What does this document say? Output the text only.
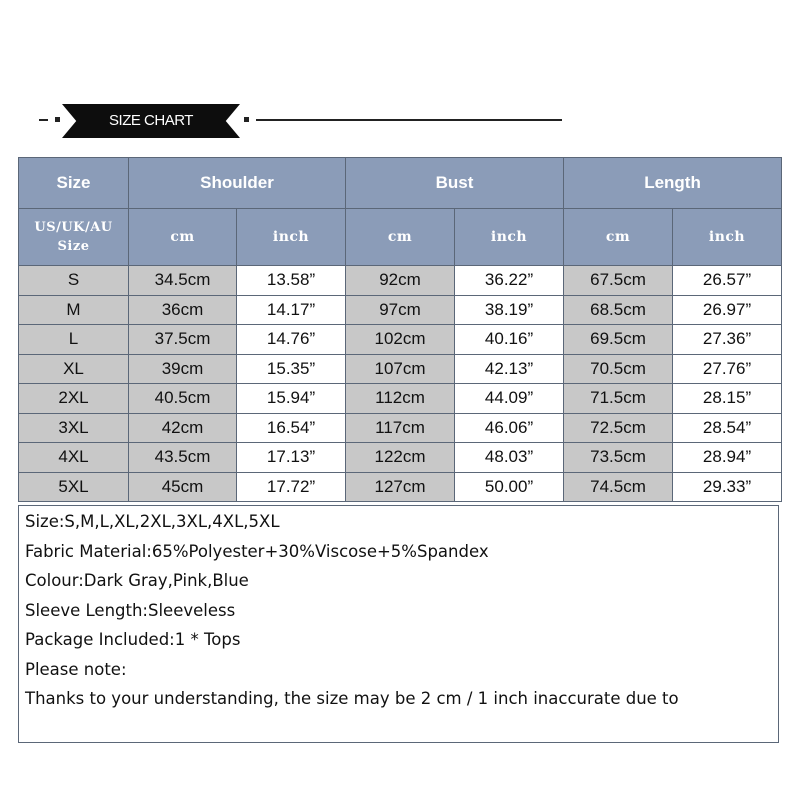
SIZE CHART
Size	Shoulder		Bust		Length	

US/UK/AU
Size	cm	inch	cm	inch	cm	inch
S	34.5cm	13.58”	92cm	36.22”	67.5cm	26.57”
M	36cm	14.17”	97cm	38.19”	68.5cm	26.97”
L	37.5cm	14.76”	102cm	40.16”	69.5cm	27.36”
XL	39cm	15.35”	107cm	42.13”	70.5cm	27.76”
2XL	40.5cm	15.94”	112cm	44.09”	71.5cm	28.15”
3XL	42cm	16.54”	117cm	46.06”	72.5cm	28.54”
4XL	43.5cm	17.13”	122cm	48.03”	73.5cm	28.94”
5XL	45cm	17.72”	127cm	50.00”	74.5cm	29.33”
Size:S,M,L,XL,2XL,3XL,4XL,5XL
Fabric Material:65%Polyester+30%Viscose+5%Spandex
Colour:Dark Gray,Pink,Blue
Sleeve Length:Sleeveless
Package Included:1 * Tops
Please note:
Thanks to your understanding, the size may be 2 cm / 1 inch inaccurate due to
